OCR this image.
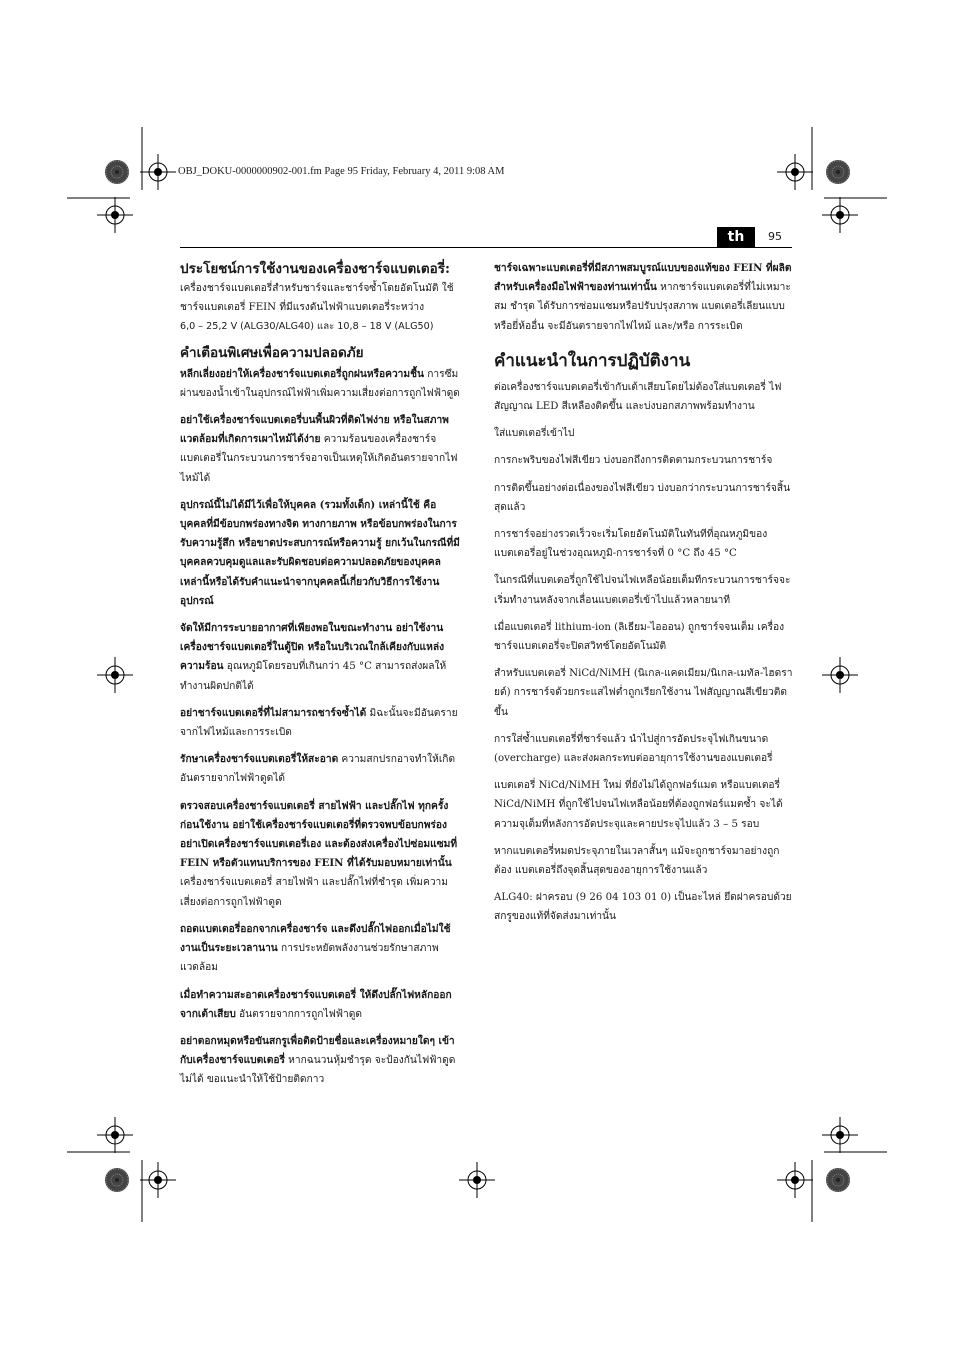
OBJ_DOKU-0000000902-001.fm Page 95 Friday, February 4, 2011 9:08 AM
th	95
ประโยชน์การใช้งานของเครื่องชาร์จแบตเตอรี่:

เครื่องชาร์จแบตเตอรี่สำหรับชาร์จและชาร์จซ้ำโดยอัตโนมัติ ใช้ชาร์จแบตเตอรี่ FEIN ที่มีแรงดันไฟฟ้าแบตเตอรี่ระหว่าง
6,0 – 25,2 V (ALG30/ALG40) และ 10,8 – 18 V (ALG50)

คำเตือนพิเศษเพื่อความปลอดภัย

หลีกเลี่ยงอย่าให้เครื่องชาร์จแบตเตอรี่ถูกฝนหรือความชื้น การซึมผ่านของน้ำเข้าในอุปกรณ์ไฟฟ้าเพิ่มความเสี่ยงต่อการถูกไฟฟ้าดูด

อย่าใช้เครื่องชาร์จแบตเตอรี่บนพื้นผิวที่ติดไฟง่าย หรือในสภาพแวดล้อมที่เกิดการเผาไหม้ได้ง่าย ความร้อนของเครื่องชาร์จแบตเตอรี่ในกระบวนการชาร์จอาจเป็นเหตุให้เกิดอันตรายจากไฟไหม้ได้

อุปกรณ์นี้ไม่ได้มีไว้เพื่อให้บุคคล (รวมทั้งเด็ก) เหล่านี้ใช้ คือ บุคคลที่มีข้อบกพร่องทางจิต ทางกายภาพ หรือข้อบกพร่องในการรับความรู้สึก หรือขาดประสบการณ์หรือความรู้ ยกเว้นในกรณีที่มีบุคคลควบคุมดูแลและรับผิดชอบต่อความปลอดภัยของบุคคลเหล่านี้หรือได้รับคำแนะนำจากบุคคลนี้เกี่ยวกับวิธีการใช้งานอุปกรณ์

จัดให้มีการระบายอากาศที่เพียงพอในขณะทำงาน อย่าใช้งานเครื่องชาร์จแบตเตอรี่ในตู้ปิด หรือในบริเวณใกล้เคียงกับแหล่งความร้อน อุณหภูมิโดยรอบที่เกินกว่า 45 °C สามารถส่งผลให้ทำงานผิดปกติได้

อย่าชาร์จแบตเตอรี่ที่ไม่สามารถชาร์จซ้ำได้ มิฉะนั้นจะมีอันตรายจากไฟไหม้และการระเบิด

รักษาเครื่องชาร์จแบตเตอรี่ให้สะอาด ความสกปรกอาจทำให้เกิดอันตรายจากไฟฟ้าดูดได้

ตรวจสอบเครื่องชาร์จแบตเตอรี่ สายไฟฟ้า และปลั๊กไฟ ทุกครั้งก่อนใช้งาน อย่าใช้เครื่องชาร์จแบตเตอรี่ที่ตรวจพบข้อบกพร่อง อย่าเปิดเครื่องชาร์จแบตเตอรี่เอง และต้องส่งเครื่องไปซ่อมแซมที่ FEIN หรือตัวแทนบริการของ FEIN ที่ได้รับมอบหมายเท่านั้น เครื่องชาร์จแบตเตอรี่ สายไฟฟ้า และปลั๊กไฟที่ชำรุด เพิ่มความเสี่ยงต่อการถูกไฟฟ้าดูด

ถอดแบตเตอรี่ออกจากเครื่องชาร์จ และดึงปลั๊กไฟออกเมื่อไม่ใช้งานเป็นระยะเวลานาน การประหยัดพลังงานช่วยรักษาสภาพแวดล้อม

เมื่อทำความสะอาดเครื่องชาร์จแบตเตอรี่ ให้ดึงปลั๊กไฟหลักออกจากเต้าเสียบ อันตรายจากการถูกไฟฟ้าดูด

อย่าตอกหมุดหรือขันสกรูเพื่อติดป้ายชื่อและเครื่องหมายใดๆ เข้ากับเครื่องชาร์จแบตเตอรี่ หากฉนวนหุ้มชำรุด จะป้องกันไฟฟ้าดูดไม่ได้ ขอแนะนำให้ใช้ป้ายติดกาว

ชาร์จเฉพาะแบตเตอรี่ที่มีสภาพสมบูรณ์แบบของแท้ของ FEIN ที่ผลิตสำหรับเครื่องมือไฟฟ้าของท่านเท่านั้น หากชาร์จแบตเตอรี่ที่ไม่เหมาะสม ชำรุด ได้รับการซ่อมแซมหรือปรับปรุงสภาพ แบตเตอรี่เลียนแบบ หรือยี่ห้ออื่น จะมีอันตรายจากไฟไหม้ และ/หรือ การระเบิด

คำแนะนำในการปฏิบัติงาน

ต่อเครื่องชาร์จแบตเตอรี่เข้ากับเต้าเสียบโดยไม่ต้องใส่แบตเตอรี่ ไฟสัญญาณ LED สีเหลืองติดขึ้น และบ่งบอกสภาพพร้อมทำงาน

ใส่แบตเตอรี่เข้าไป

การกะพริบของไฟสีเขียว บ่งบอกถึงการติดตามกระบวนการชาร์จ

การติดขึ้นอย่างต่อเนื่องของไฟสีเขียว บ่งบอกว่ากระบวนการชาร์จสิ้นสุดแล้ว

การชาร์จอย่างรวดเร็วจะเริ่มโดยอัตโนมัติในทันทีที่อุณหภูมิของแบตเตอรี่อยู่ในช่วงอุณหภูมิ-การชาร์จที่ 0 °C ถึง 45 °C

ในกรณีที่แบตเตอรี่ถูกใช้ไปจนไฟเหลือน้อยเต็มทีกระบวนการชาร์จจะเริ่มทำงานหลังจากเลื่อนแบตเตอรี่เข้าไปแล้วหลายนาที

เมื่อแบตเตอรี่ lithium-ion (ลิเธียม-ไอออน) ถูกชาร์จจนเต็ม เครื่องชาร์จแบตเตอรี่จะปิดสวิทช์โดยอัตโนมัติ

สำหรับแบตเตอรี่ NiCd/NiMH (นิเกล-แคดเมียม/นิเกล-เมทัล-ไฮดรายด์) การชาร์จด้วยกระแสไฟต่ำถูกเรียกใช้งาน ไฟสัญญาณสีเขียวติดขึ้น

การใส่ซ้ำแบตเตอรี่ที่ชาร์จแล้ว นำไปสู่การอัดประจุไฟเกินขนาด (overcharge) และส่งผลกระทบต่ออายุการใช้งานของแบตเตอรี่

แบตเตอรี่ NiCd/NiMH ใหม่ ที่ยังไม่ได้ถูกฟอร์แมต หรือแบตเตอรี่ NiCd/NiMH ที่ถูกใช้ไปจนไฟเหลือน้อยที่ต้องถูกฟอร์แมตซ้ำ จะได้ความจุเต็มที่หลังการอัดประจุและคายประจุไปแล้ว 3 – 5 รอบ

หากแบตเตอรี่หมดประจุภายในเวลาสั้นๆ แม้จะถูกชาร์จมาอย่างถูกต้อง แบตเตอรี่ถึงจุดสิ้นสุดของอายุการใช้งานแล้ว

ALG40: ฝาครอบ (9 26 04 103 01 0) เป็นอะไหล่ ยึดฝาครอบด้วยสกรูของแท้ที่จัดส่งมาเท่านั้น
